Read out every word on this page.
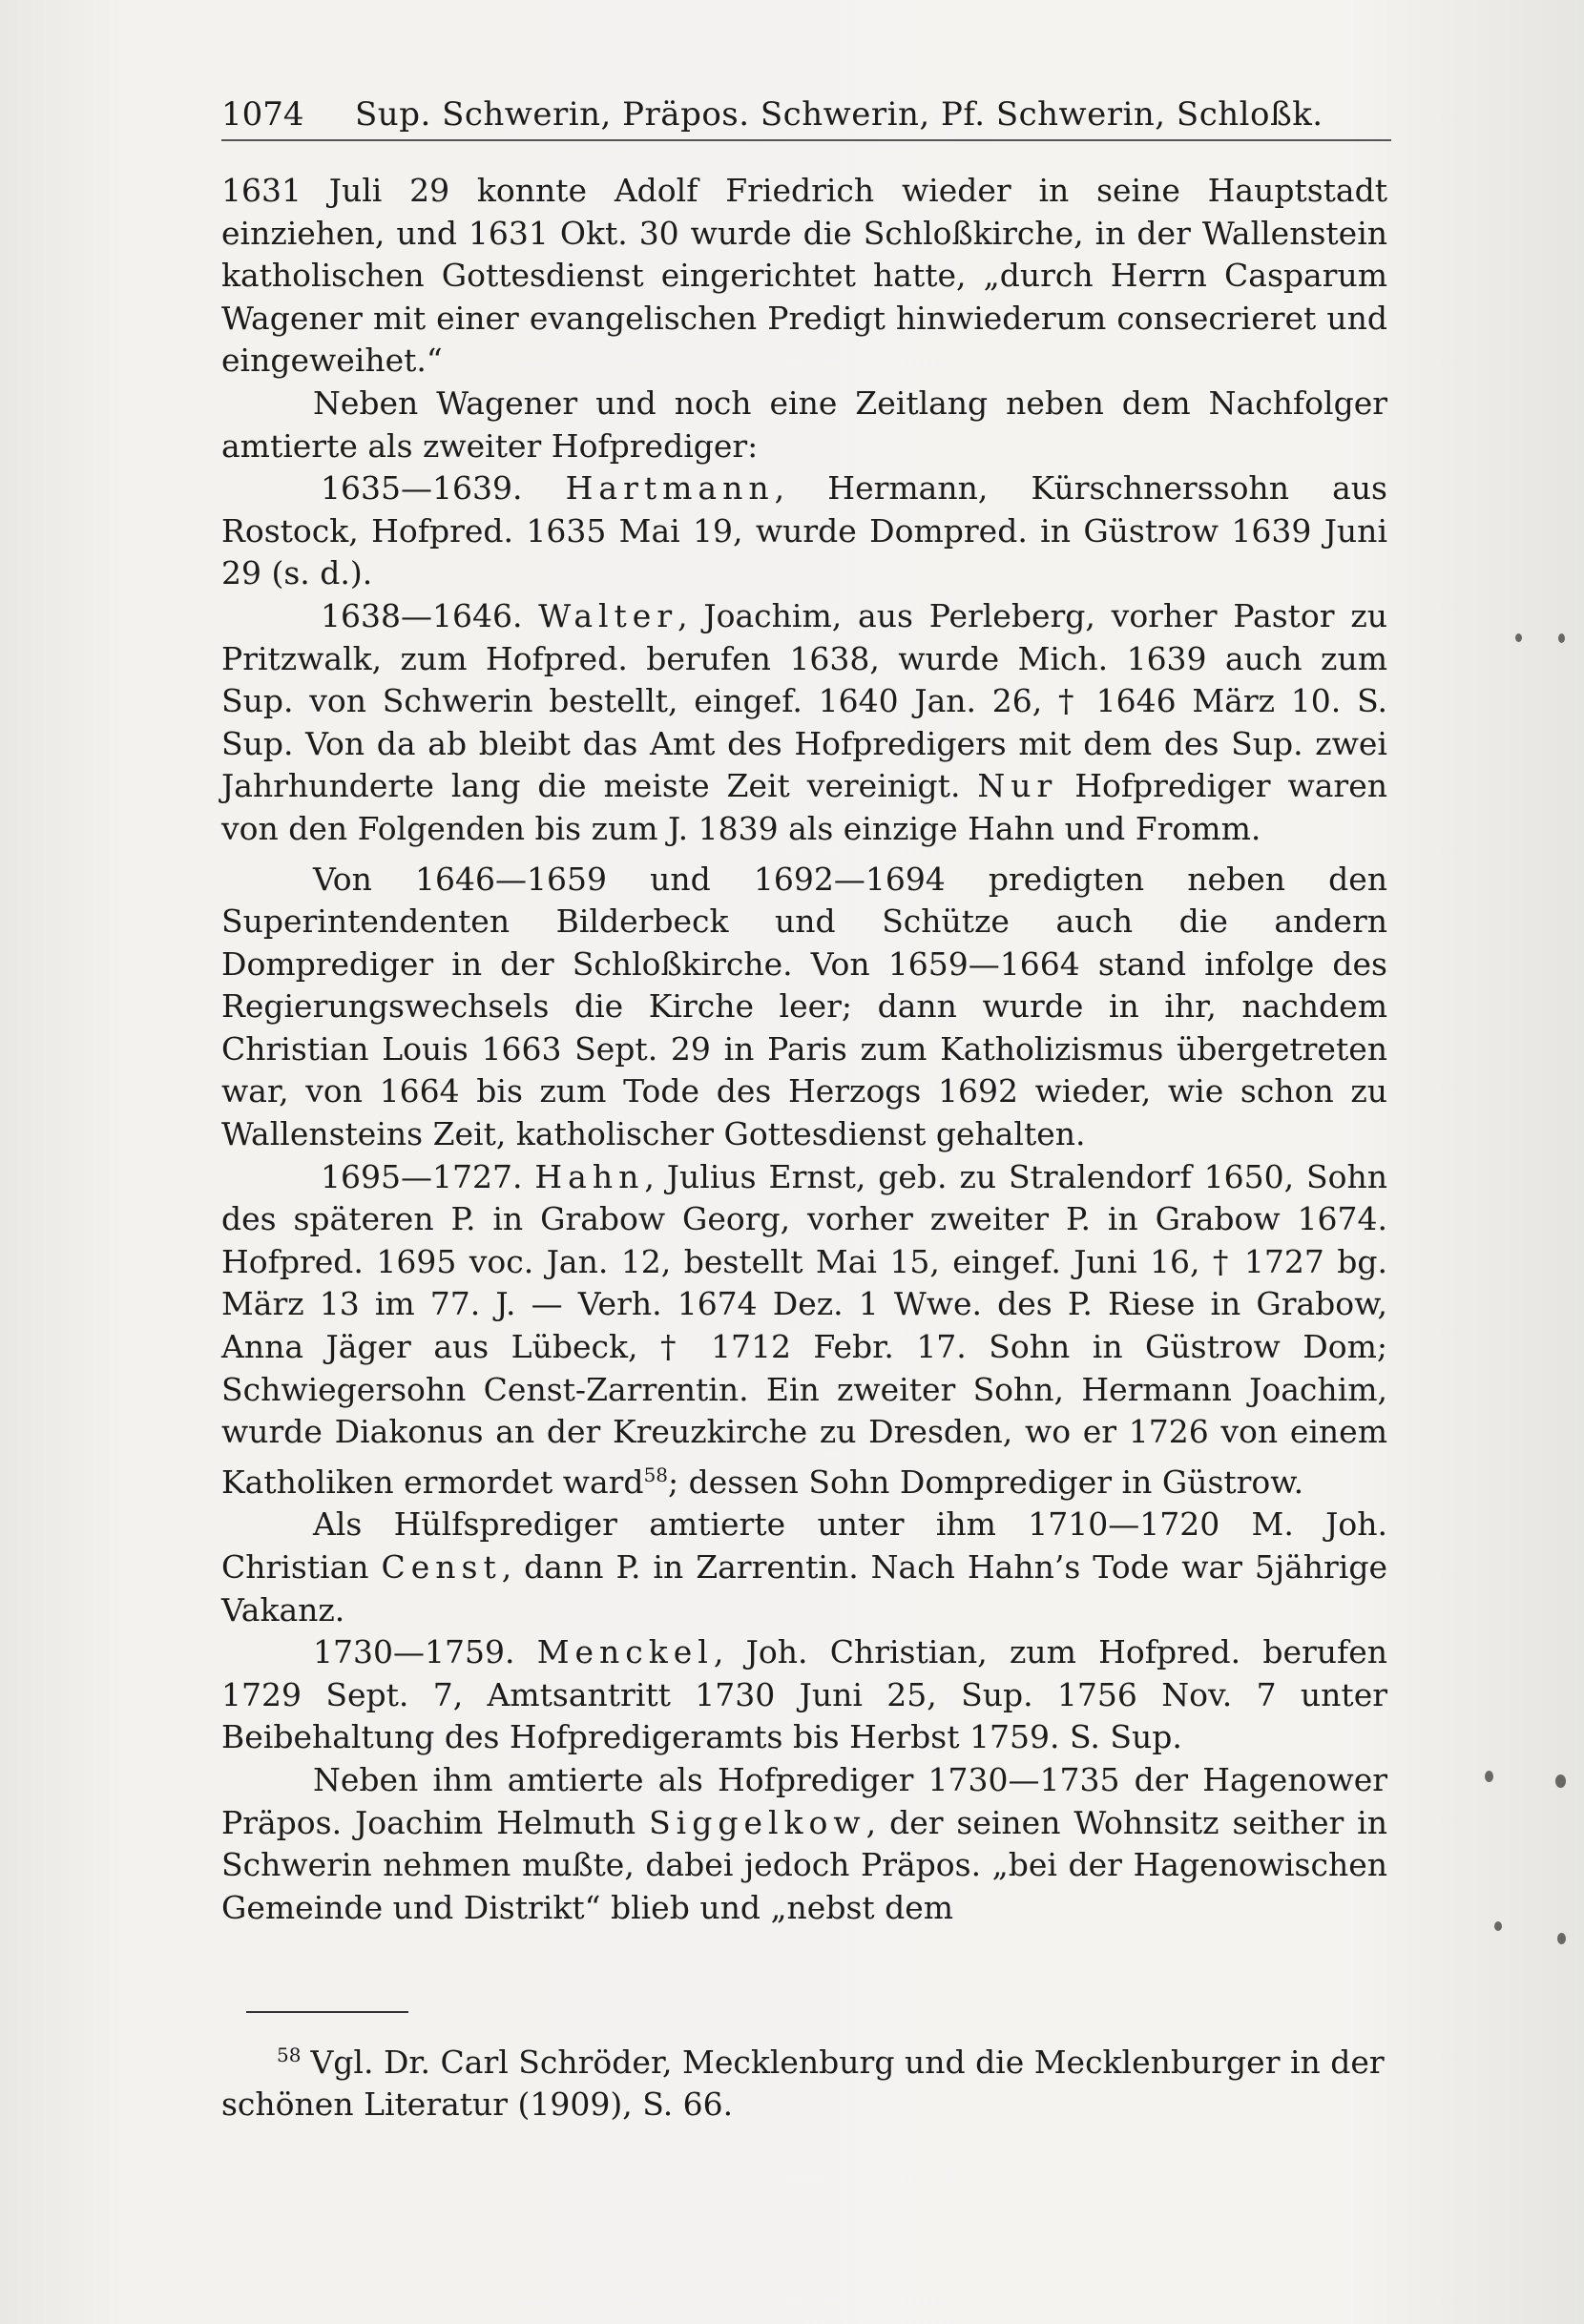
1074 Sup. Schwerin, Präpos. Schwerin, Pf. Schwerin, Schloßk.

1631 Juli 29 konnte Adolf Friedrich wieder in seine Hauptstadt einziehen, und 1631 Okt. 30 wurde die Schloßkirche, in der Wallenstein katholischen Gottesdienst eingerichtet hatte, „durch Herrn Casparum Wagener mit einer evangelischen Predigt hinwiederum consecrieret und eingeweihet.“

Neben Wagener und noch eine Zeitlang neben dem Nachfolger amtierte als zweiter Hofprediger:

1635—1639. Hartmann, Hermann, Kürschnerssohn aus Rostock, Hofpred. 1635 Mai 19, wurde Dompred. in Güstrow 1639 Juni 29 (s. d.).

1638—1646. Walter, Joachim, aus Perleberg, vorher Pastor zu Pritzwalk, zum Hofpred. berufen 1638, wurde Mich. 1639 auch zum Sup. von Schwerin bestellt, eingef. 1640 Jan. 26, † 1646 März 10. S. Sup. Von da ab bleibt das Amt des Hofpredigers mit dem des Sup. zwei Jahrhunderte lang die meiste Zeit vereinigt. Nur Hofprediger waren von den Folgenden bis zum J. 1839 als einzige Hahn und Fromm.

Von 1646—1659 und 1692—1694 predigten neben den Superintendenten Bilderbeck und Schütze auch die andern Domprediger in der Schloßkirche. Von 1659—1664 stand infolge des Regierungswechsels die Kirche leer; dann wurde in ihr, nachdem Christian Louis 1663 Sept. 29 in Paris zum Katholizismus übergetreten war, von 1664 bis zum Tode des Herzogs 1692 wieder, wie schon zu Wallensteins Zeit, katholischer Gottesdienst gehalten.

1695—1727. Hahn, Julius Ernst, geb. zu Stralendorf 1650, Sohn des späteren P. in Grabow Georg, vorher zweiter P. in Grabow 1674. Hofpred. 1695 voc. Jan. 12, bestellt Mai 15, eingef. Juni 16, † 1727 bg. März 13 im 77. J. — Verh. 1674 Dez. 1 Wwe. des P. Riese in Grabow, Anna Jäger aus Lübeck, † 1712 Febr. 17. Sohn in Güstrow Dom; Schwiegersohn Censt-Zarrentin. Ein zweiter Sohn, Hermann Joachim, wurde Diakonus an der Kreuzkirche zu Dresden, wo er 1726 von einem Katholiken ermordet ward$^{58}$; dessen Sohn Domprediger in Güstrow.

Als Hülfsprediger amtierte unter ihm 1710—1720 M. Joh. Christian Censt, dann P. in Zarrentin. Nach Hahn’s Tode war 5jährige Vakanz.

1730—1759. Menckel, Joh. Christian, zum Hofpred. berufen 1729 Sept. 7, Amtsantritt 1730 Juni 25, Sup. 1756 Nov. 7 unter Beibehaltung des Hofpredigeramts bis Herbst 1759. S. Sup.

Neben ihm amtierte als Hofprediger 1730—1735 der Hagenower Präpos. Joachim Helmuth Siggelkow, der seinen Wohnsitz seither in Schwerin nehmen mußte, dabei jedoch Präpos. „bei der Hagenowischen Gemeinde und Distrikt“ blieb und „nebst dem

$^{58}$ Vgl. Dr. Carl Schröder, Mecklenburg und die Mecklenburger in der schönen Literatur (1909), S. 66.
